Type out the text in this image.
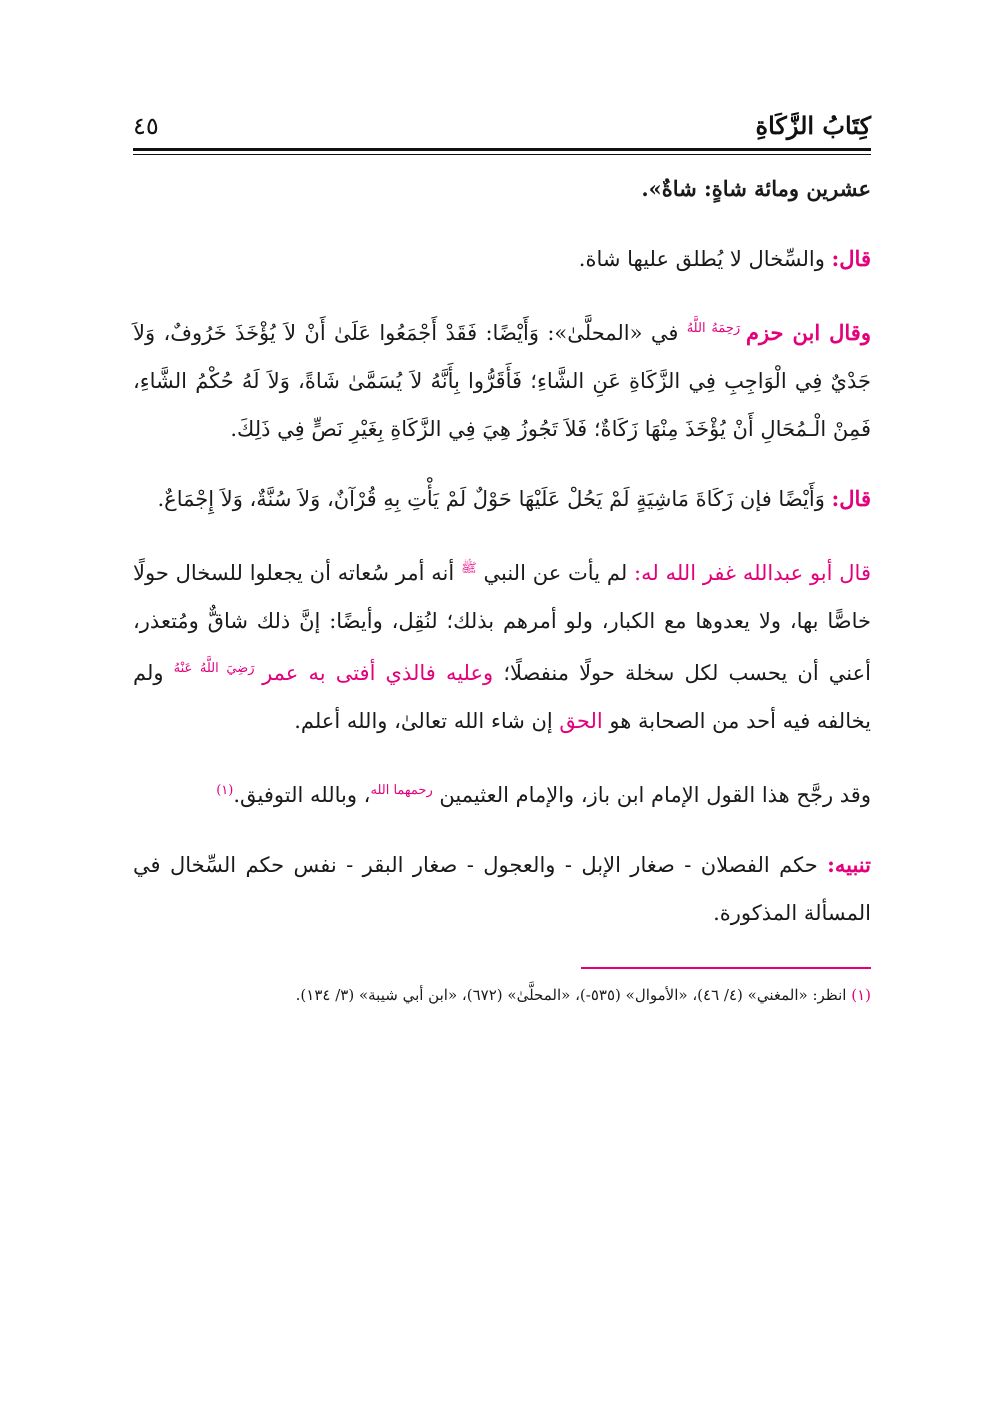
كِتَابُ الزَّكَاةِ
٤٥

عشرين ومائة شاةٍ: شاةٌ».

قال: والسِّخال لا يُطلق عليها شاة.

وقال ابن حزم $^{رَحِمَهُ اللَّهُ}$ في «المحلَّىٰ»: وَأَيْضًا: فَقَدْ أَجْمَعُوا عَلَىٰ أَنْ لاَ يُؤْخَذَ خَرُوفٌ، وَلاَ جَدْيٌ فِي الْوَاجِبِ فِي الزَّكَاةِ عَنِ الشَّاءِ؛ فَأَقَرُّوا بِأَنَّهُ لاَ يُسَمَّىٰ شَاةً، وَلاَ لَهُ حُكْمُ الشَّاءِ، فَمِنْ الْـمُحَالِ أَنْ يُؤْخَذَ مِنْهَا زَكَاةٌ؛ فَلاَ تَجُوزُ هِيَ فِي الزَّكَاةِ بِغَيْرِ نَصٍّ فِي ذَلِكَ.

قال: وَأَيْضًا فإن زَكَاةَ مَاشِيَةٍ لَمْ يَحُلْ عَلَيْهَا حَوْلٌ لَمْ يَأْتِ بِهِ قُرْآنٌ، وَلاَ سُنَّةٌ، وَلاَ إِجْمَاعٌ.

قال أبو عبدالله غفر الله له: لم يأت عن النبي $^ﷺ$ أنه أمر سُعاته أن يجعلوا للسخال حولًا خاصًّا بها، ولا يعدوها مع الكبار، ولو أمرهم بذلك؛ لنُقِل، وأيضًا: إنَّ ذلك شاقٌّ ومُتعذر، أعني أن يحسب لكل سخلة حولًا منفصلًا؛ وعليه فالذي أفتى به عمر $^{رَضِيَ اللَّهُ عَنْهُ}$ ولم يخالفه فيه أحد من الصحابة هو الحق إن شاء الله تعالىٰ، والله أعلم.

وقد رجَّح هذا القول الإمام ابن باز، والإمام العثيمين $^{رحمهما الله}$، وبالله التوفيق.$^{(١)}$

تنبيه: حكم الفصلان - صغار الإبل - والعجول - صغار البقر - نفس حكم السِّخال في المسألة المذكورة.

(١) انظر: «المغني» (٤/ ٤٦)، «الأموال» (٥٣٥-)، «المحلَّىٰ» (٦٧٢)، «ابن أبي شيبة» (٣/ ١٣٤).
